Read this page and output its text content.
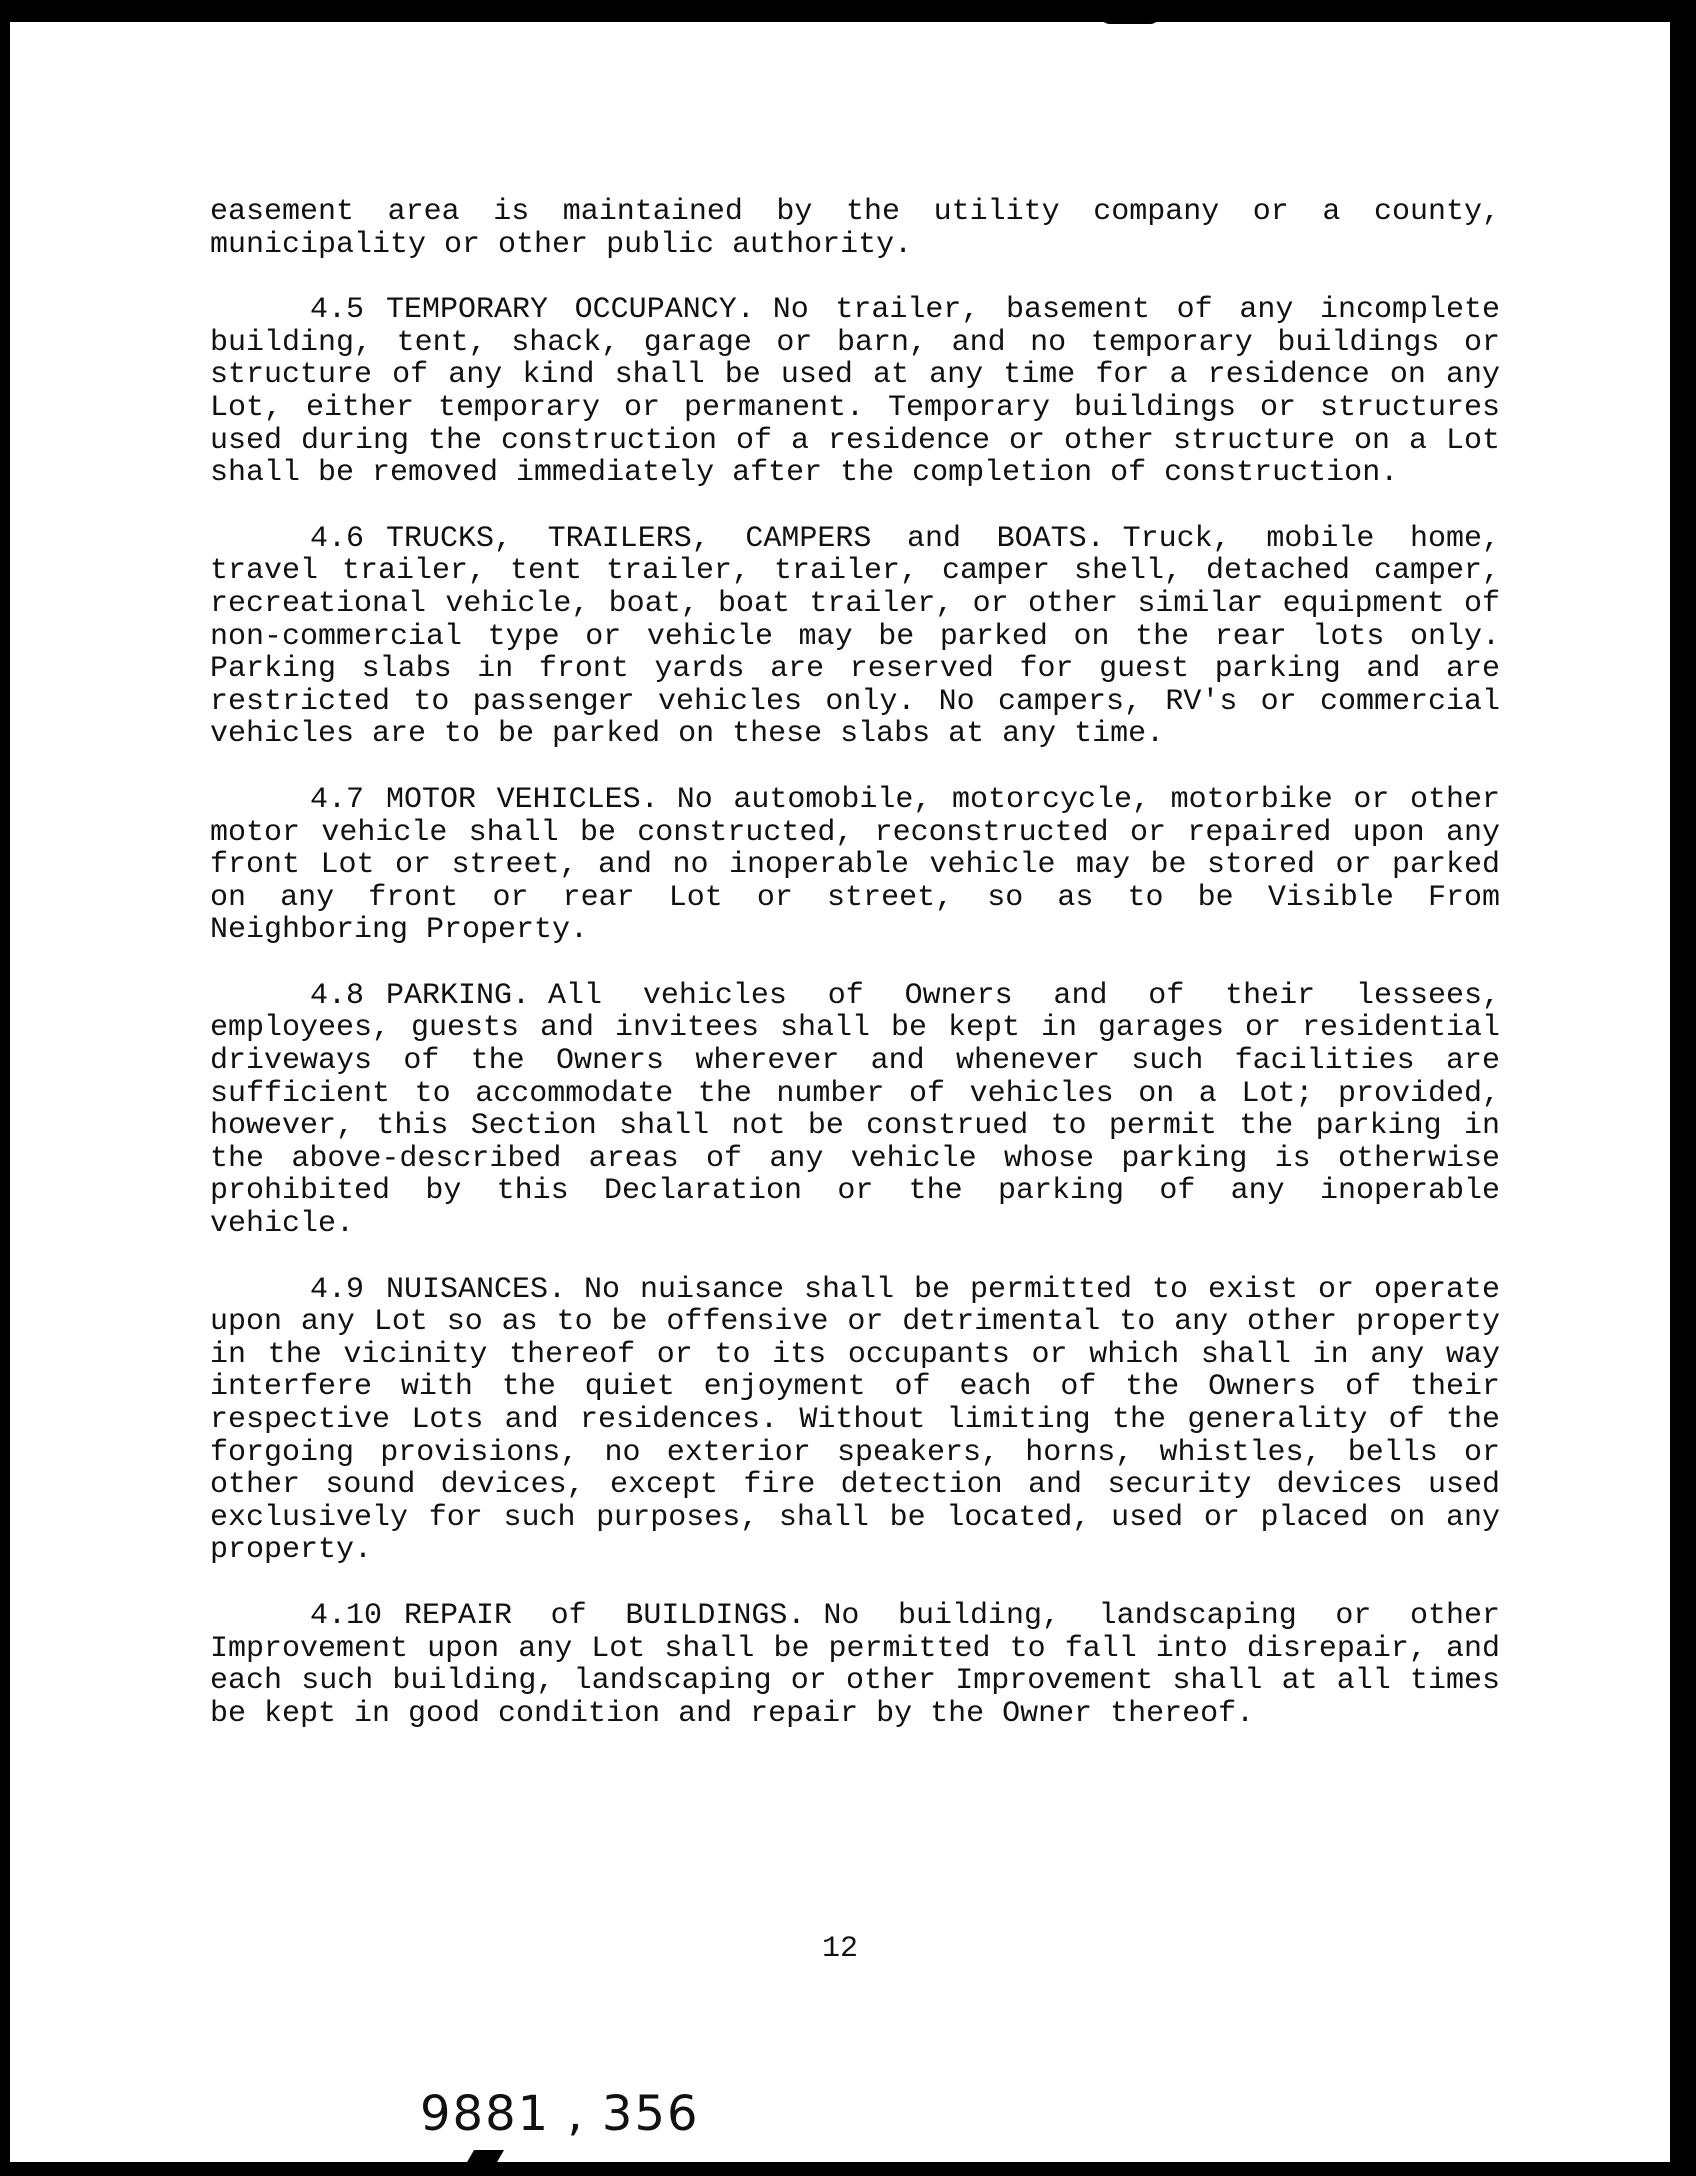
easement area is maintained by the utility company or a county, municipality or other public authority.

4.5 TEMPORARY OCCUPANCY. No trailer, basement of any incomplete building, tent, shack, garage or barn, and no temporary buildings or structure of any kind shall be used at any time for a residence on any Lot, either temporary or permanent. Temporary buildings or structures used during the construction of a residence or other structure on a Lot shall be removed immediately after the completion of construction.

4.6 TRUCKS, TRAILERS, CAMPERS and BOATS. Truck, mobile home, travel trailer, tent trailer, trailer, camper shell, detached camper, recreational vehicle, boat, boat trailer, or other similar equipment of non-commercial type or vehicle may be parked on the rear lots only. Parking slabs in front yards are reserved for guest parking and are restricted to passenger vehicles only. No campers, RV's or commercial vehicles are to be parked on these slabs at any time.

4.7 MOTOR VEHICLES. No automobile, motorcycle, motorbike or other motor vehicle shall be constructed, reconstructed or repaired upon any front Lot or street, and no inoperable vehicle may be stored or parked on any front or rear Lot or street, so as to be Visible From Neighboring Property.

4.8 PARKING. All vehicles of Owners and of their lessees, employees, guests and invitees shall be kept in garages or residential driveways of the Owners wherever and whenever such facilities are sufficient to accommodate the number of vehicles on a Lot; provided, however, this Section shall not be construed to permit the parking in the above-described areas of any vehicle whose parking is otherwise prohibited by this Declaration or the parking of any inoperable vehicle.

4.9 NUISANCES. No nuisance shall be permitted to exist or operate upon any Lot so as to be offensive or detrimental to any other property in the vicinity thereof or to its occupants or which shall in any way interfere with the quiet enjoyment of each of the Owners of their respective Lots and residences. Without limiting the generality of the forgoing provisions, no exterior speakers, horns, whistles, bells or other sound devices, except fire detection and security devices used exclusively for such purposes, shall be located, used or placed on any property.

4.10 REPAIR of BUILDINGS. No building, landscaping or other Improvement upon any Lot shall be permitted to fall into disrepair, and each such building, landscaping or other Improvement shall at all times be kept in good condition and repair by the Owner thereof.

12
9881 , 356
